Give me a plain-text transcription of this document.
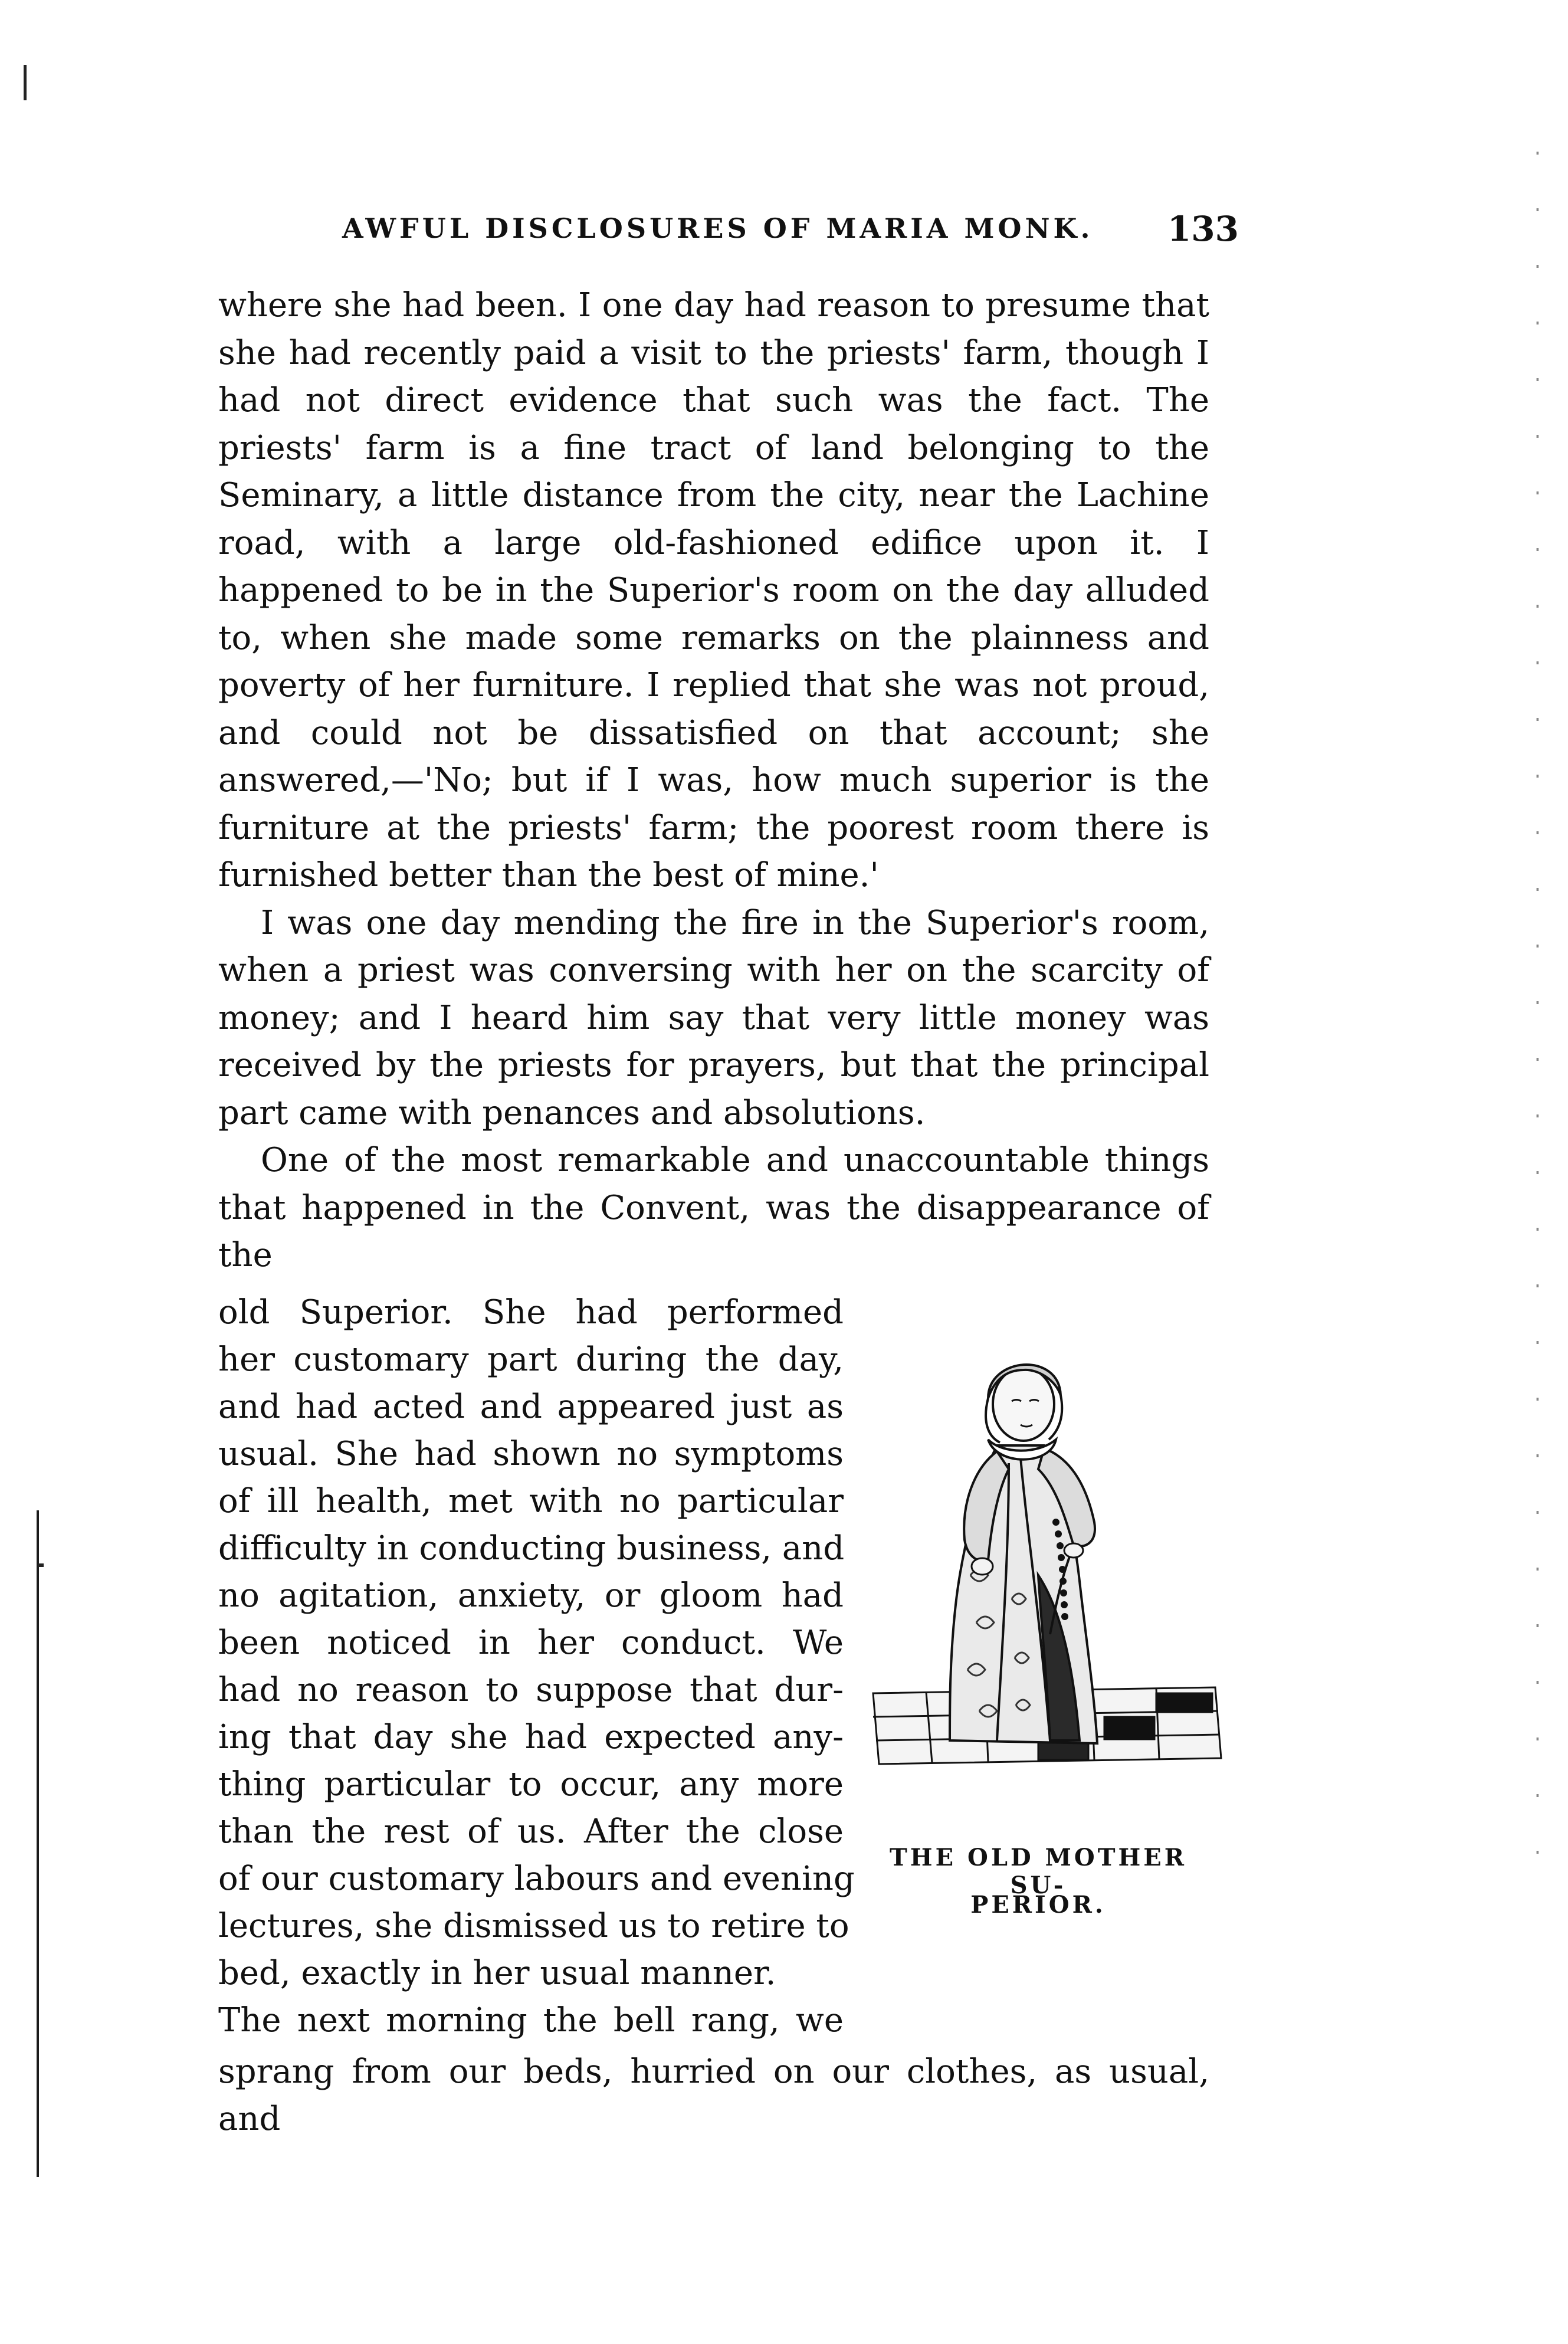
AWFUL DISCLOSURES OF MARIA MONK. 133

where she had been. I one day had reason to presume that she had recently paid a visit to the priests' farm, though I had not direct evidence that such was the fact. The priests' farm is a fine tract of land belonging to the Seminary, a little distance from the city, near the Lachine road, with a large old-fashioned edifice upon it. I happened to be in the Superior's room on the day alluded to, when she made some remarks on the plainness and poverty of her furniture. I replied that she was not proud, and could not be dissatisfied on that account; she answered,—'No; but if I was, how much superior is the furniture at the priests' farm; the poorest room there is furnished better than the best of mine.'

I was one day mending the fire in the Superior's room, when a priest was conversing with her on the scarcity of money; and I heard him say that very little money was received by the priests for prayers, but that the principal part came with penances and absolutions.

One of the most remarkable and unaccountable things that happened in the Convent, was the disappearance of the

old Superior. She had performed
her customary part during the day,
and had acted and appeared just as
usual. She had shown no symptoms
of ill health, met with no particular
difficulty in conducting business, and
no agitation, anxiety, or gloom had
been noticed in her conduct. We
had no reason to suppose that dur-
ing that day she had expected any-
thing particular to occur, any more
than the rest of us. After the close
of our customary labours and evening
lectures, she dismissed us to retire to
bed, exactly in her usual manner.
The next morning the bell rang, we
sprang from our beds, hurried on our clothes, as usual, and
THE OLD MOTHER SU-
PERIOR.
